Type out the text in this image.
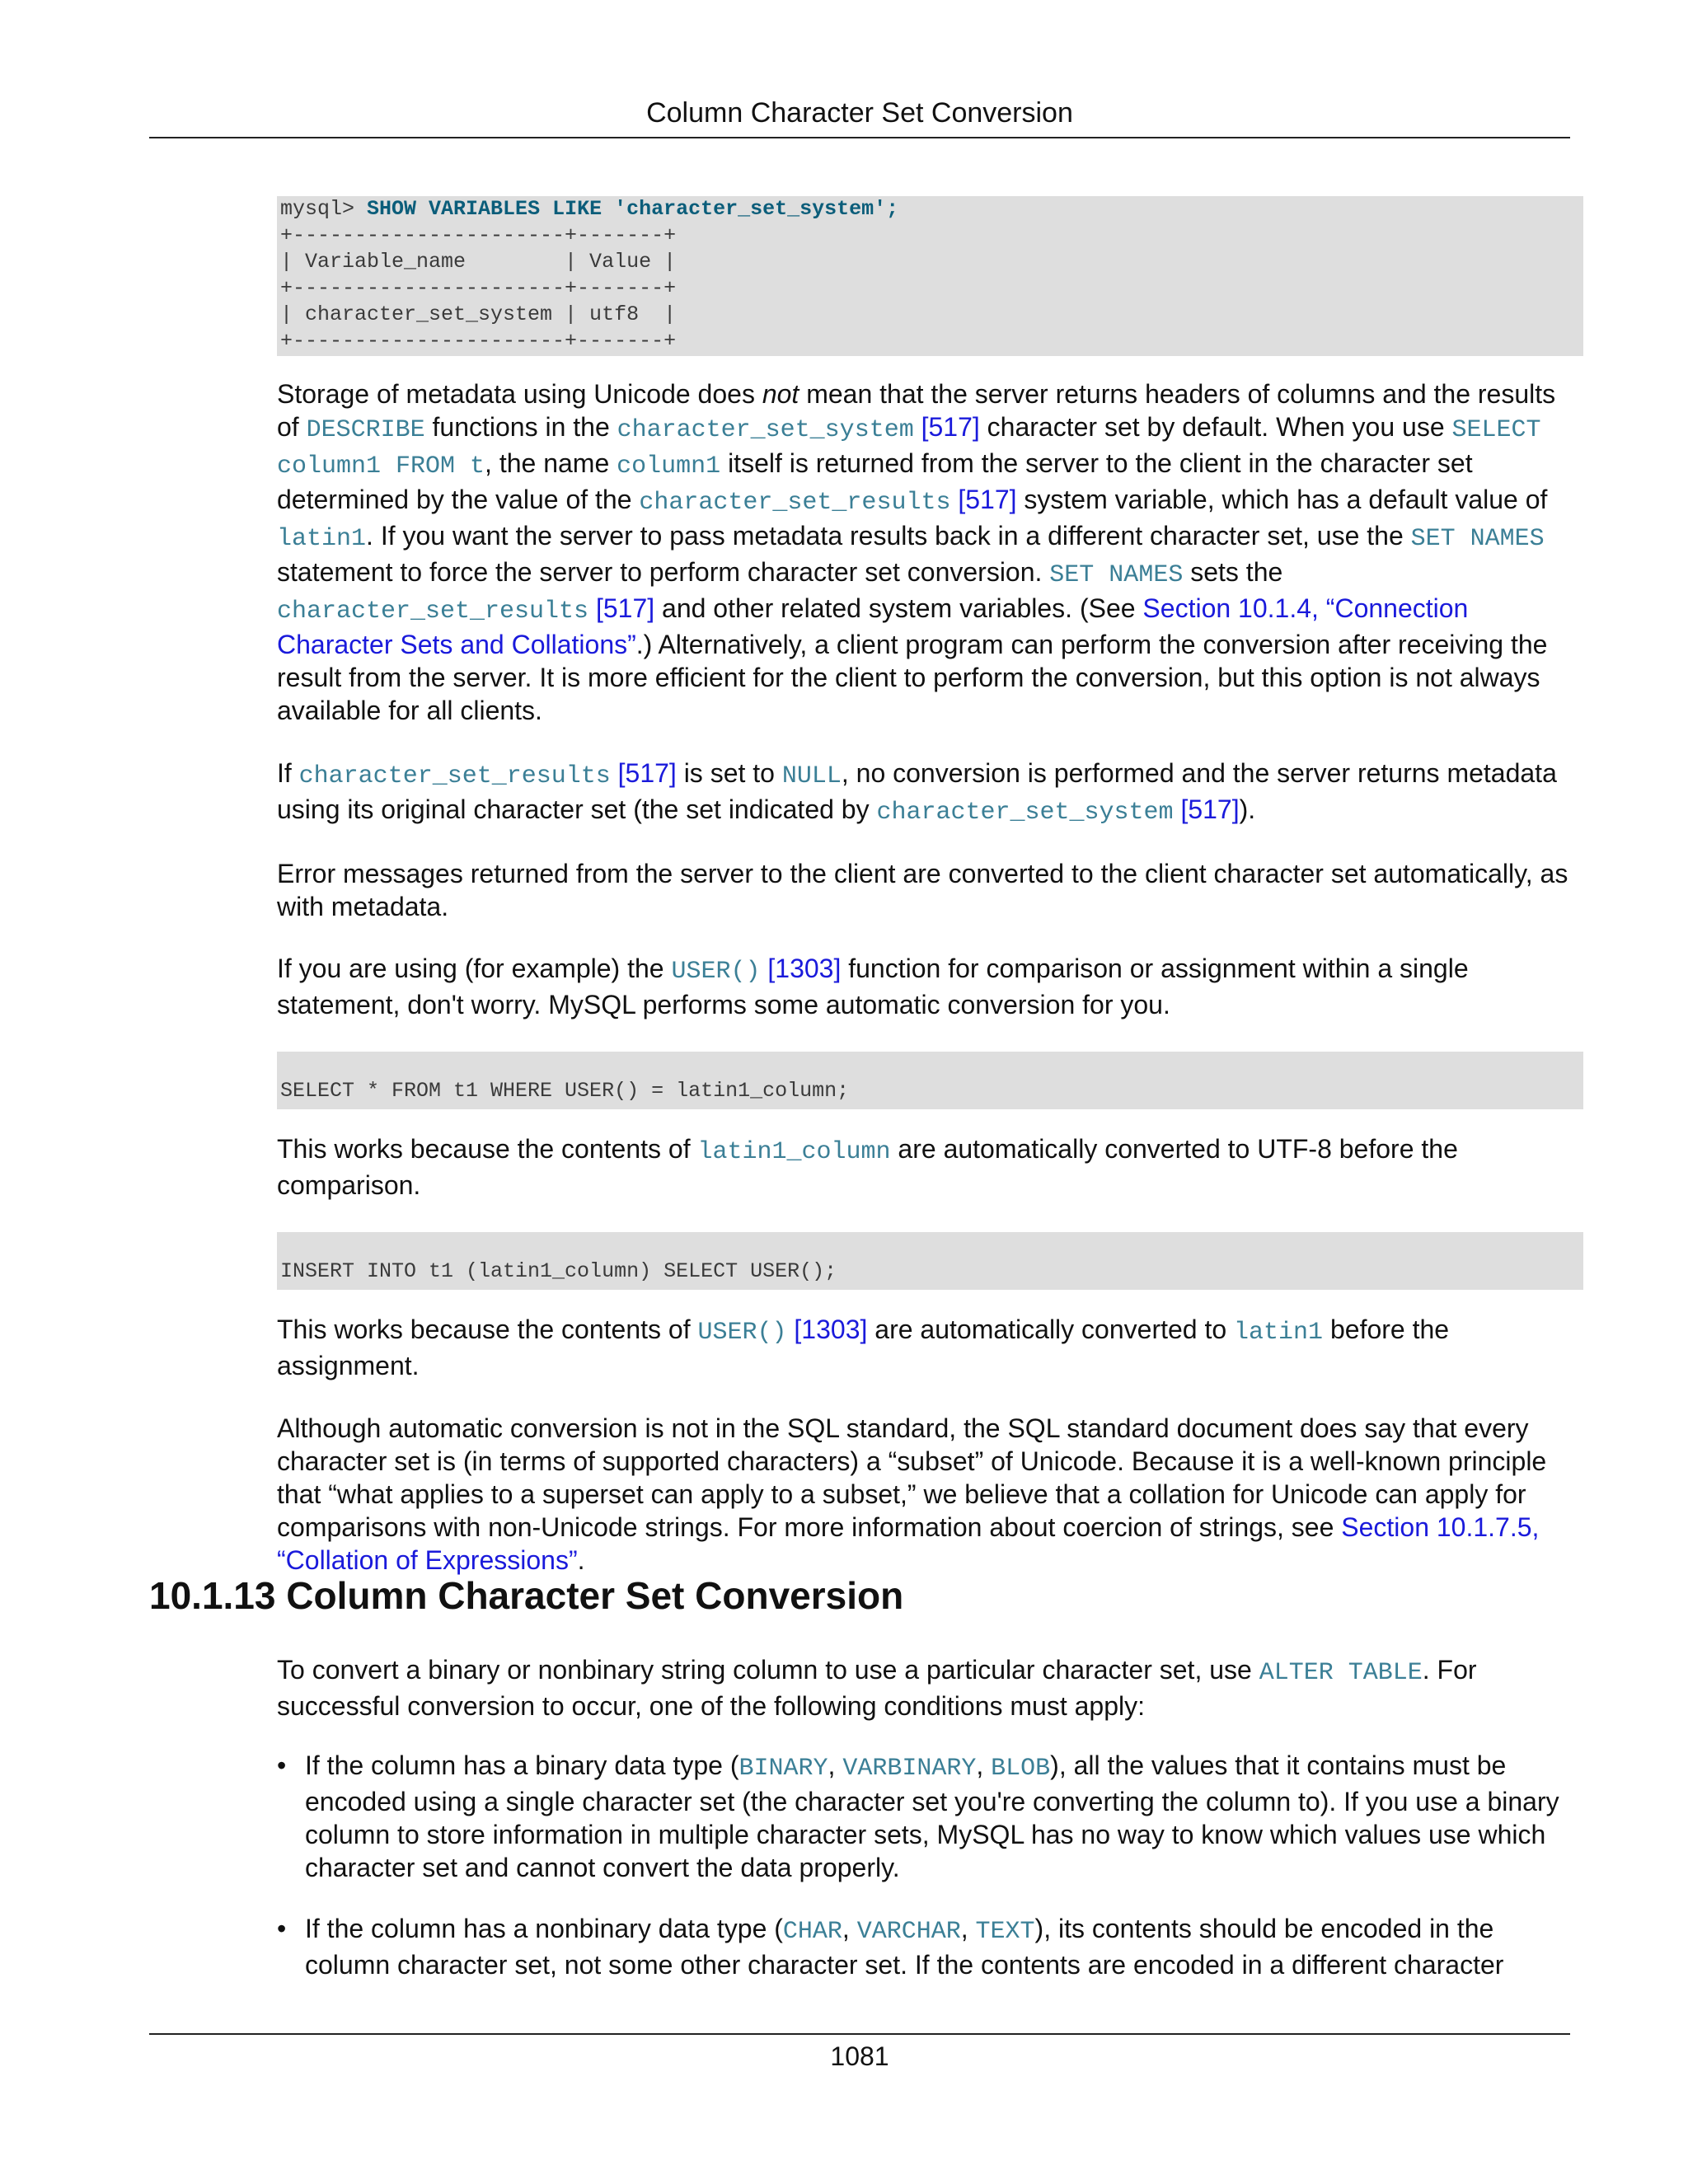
Column Character Set Conversion
mysql> SHOW VARIABLES LIKE 'character_set_system';
+----------------------+-------+
| Variable_name        | Value |
+----------------------+-------+
| character_set_system | utf8  |
+----------------------+-------+

Storage of metadata using Unicode does not mean that the server returns headers of columns and the results of DESCRIBE functions in the character_set_system [517] character set by default. When you use SELECT column1 FROM t, the name column1 itself is returned from the server to the client in the character set determined by the value of the character_set_results [517] system variable, which has a default value of latin1. If you want the server to pass metadata results back in a different character set, use the SET NAMES statement to force the server to perform character set conversion. SET NAMES sets the character_set_results [517] and other related system variables. (See Section 10.1.4, “Connection Character Sets and Collations”.) Alternatively, a client program can perform the conversion after receiving the result from the server. It is more efficient for the client to perform the conversion, but this option is not always available for all clients.

If character_set_results [517] is set to NULL, no conversion is performed and the server returns metadata using its original character set (the set indicated by character_set_system [517]).

Error messages returned from the server to the client are converted to the client character set automatically, as with metadata.

If you are using (for example) the USER() [1303] function for comparison or assignment within a single statement, don't worry. MySQL performs some automatic conversion for you.

SELECT * FROM t1 WHERE USER() = latin1_column;

This works because the contents of latin1_column are automatically converted to UTF-8 before the comparison.

INSERT INTO t1 (latin1_column) SELECT USER();

This works because the contents of USER() [1303] are automatically converted to latin1 before the assignment.

Although automatic conversion is not in the SQL standard, the SQL standard document does say that every character set is (in terms of supported characters) a “subset” of Unicode. Because it is a well-known principle that “what applies to a superset can apply to a subset,” we believe that a collation for Unicode can apply for comparisons with non-Unicode strings. For more information about coercion of strings, see Section 10.1.7.5, “Collation of Expressions”.

10.1.13 Column Character Set Conversion

To convert a binary or nonbinary string column to use a particular character set, use ALTER TABLE. For successful conversion to occur, one of the following conditions must apply:

• If the column has a binary data type (BINARY, VARBINARY, BLOB), all the values that it contains must be encoded using a single character set (the character set you're converting the column to). If you use a binary column to store information in multiple character sets, MySQL has no way to know which values use which character set and cannot convert the data properly.

• If the column has a nonbinary data type (CHAR, VARCHAR, TEXT), its contents should be encoded in the column character set, not some other character set. If the contents are encoded in a different character

1081
